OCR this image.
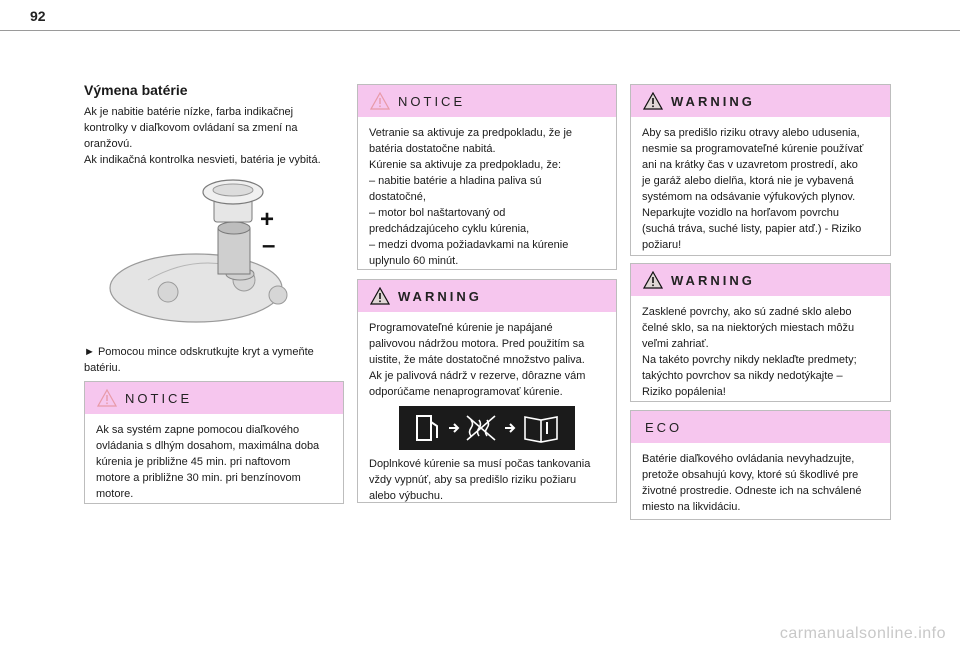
92
Výmena batérie
Ak je nabitie batérie nízke, farba indikačnej
kontrolky v diaľkovom ovládaní sa zmení na
oranžovú.
Ak indikačná kontrolka nesvieti, batéria je vybitá.
+
–
► Pomocou mince odskrutkujte kryt a vymeňte batériu.
NOTICE
Ak sa systém zapne pomocou diaľkového
ovládania s dlhým dosahom, maximálna doba
kúrenia je približne 45 min. pri naftovom
motore a približne 30 min. pri benzínovom
motore.
NOTICE
Vetranie sa aktivuje za predpokladu, že je
batéria dostatočne nabitá.
Kúrenie sa aktivuje za predpokladu, že:
– nabitie batérie a hladina paliva sú
dostatočné,
– motor bol naštartovaný od
predchádzajúceho cyklu kúrenia,
– medzi dvoma požiadavkami na kúrenie
uplynulo 60 minút.
WARNING
Programovateľné kúrenie je napájané
palivovou nádržou motora. Pred použitím sa
uistite, že máte dostatočné množstvo paliva.
Ak je palivová nádrž v rezerve, dôrazne vám
odporúčame nenaprogramovať kúrenie.
Doplnkové kúrenie sa musí počas tankovania
vždy vypnúť, aby sa predišlo riziku požiaru
alebo výbuchu.
WARNING
Aby sa predišlo riziku otravy alebo udusenia,
nesmie sa programovateľné kúrenie používať
ani na krátky čas v uzavretom prostredí, ako
je garáž alebo dielňa, ktorá nie je vybavená
systémom na odsávanie výfukových plynov.
Neparkujte vozidlo na horľavom povrchu
(suchá tráva, suché listy, papier atď.) - Riziko
požiaru!
WARNING
Zasklené povrchy, ako sú zadné sklo alebo
čelné sklo, sa na niektorých miestach môžu
veľmi zahriať.
Na takéto povrchy nikdy neklaďte predmety;
takýchto povrchov sa nikdy nedotýkajte –
Riziko popálenia!
ECO
Batérie diaľkového ovládania nevyhadzujte,
pretože obsahujú kovy, ktoré sú škodlivé pre
životné prostredie. Odneste ich na schválené
miesto na likvidáciu.
carmanualsonline.info
